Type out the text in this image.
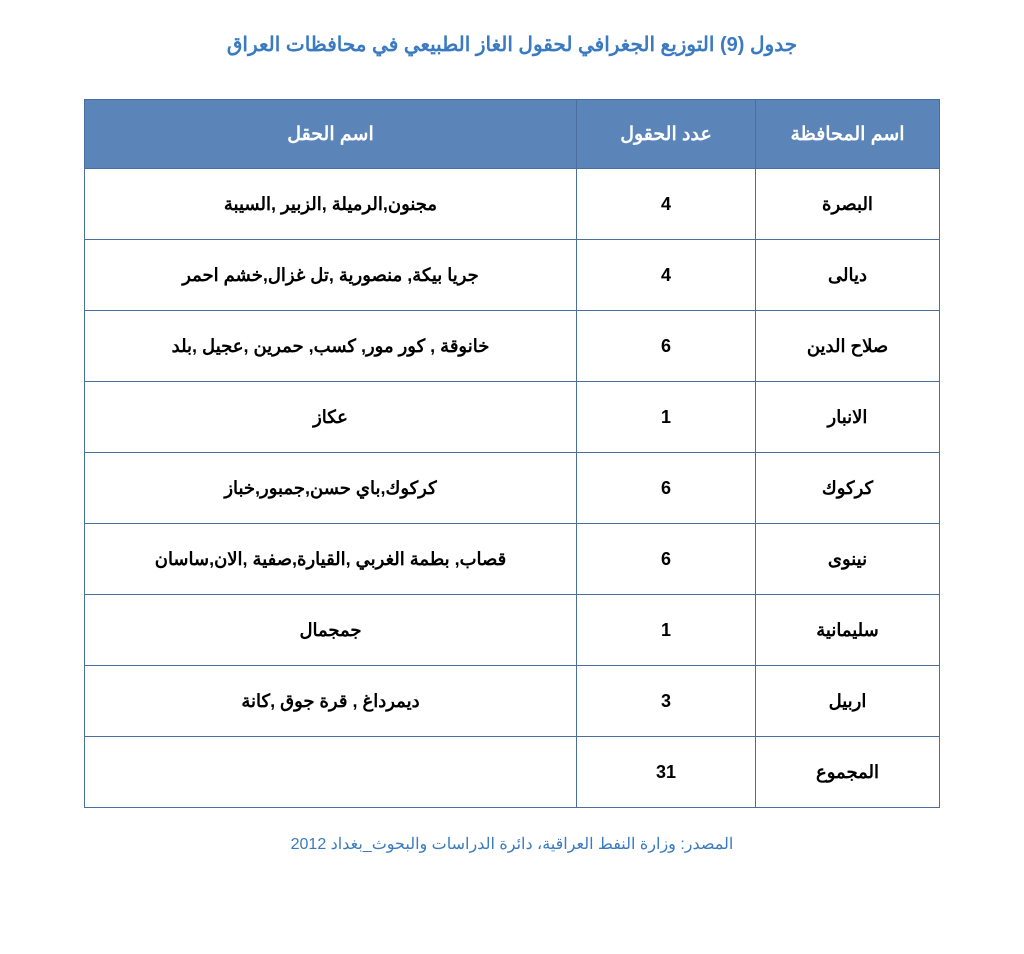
جدول (9) التوزيع الجغرافي لحقول الغاز الطبيعي في محافظات العراق
اسم المحافظة	عدد الحقول	اسم الحقل
البصرة	4	مجنون,الرميلة ,الزبير ,السيبة
ديالى	4	جريا بيكة, منصورية ,تل غزال,خشم احمر
صلاح الدين	6	خانوقة , كور مور, كسب, حمرين ,عجيل ,بلد
الانبار	1	عكاز
كركوك	6	كركوك,باي حسن,جمبور,خباز
نينوى	6	قصاب, بطمة الغربي ,القيارة,صفية ,الان,ساسان
سليمانية	1	جمجمال
اربيل	3	ديمرداغ , قرة جوق ,كانة
المجموع	31	
المصدر: وزارة النفط العراقية، دائرة الدراسات والبحوث_بغداد 2012
